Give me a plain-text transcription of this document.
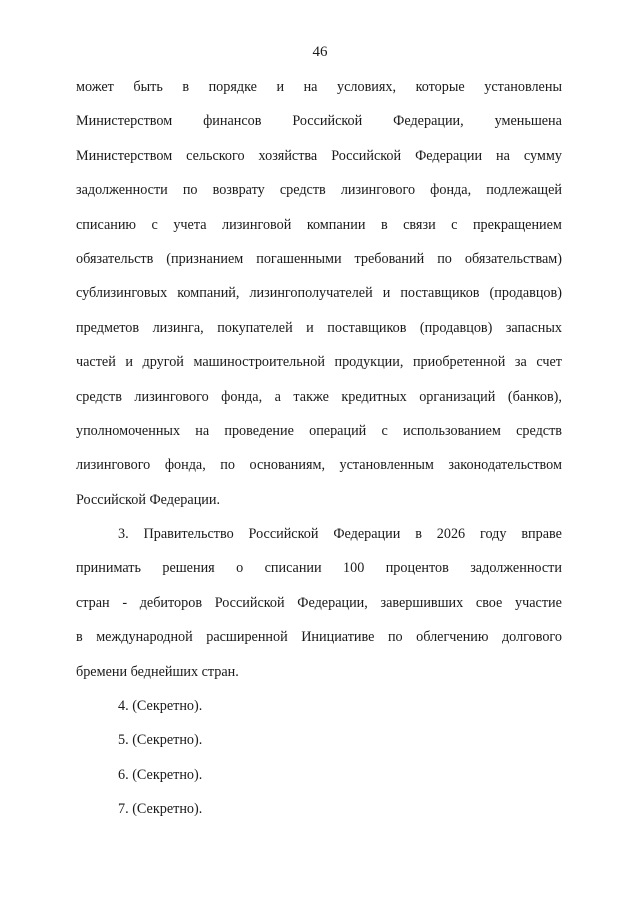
46
может быть в порядке и на условиях, которые установлены
Министерством финансов Российской Федерации, уменьшена
Министерством сельского хозяйства Российской Федерации на сумму
задолженности по возврату средств лизингового фонда, подлежащей
списанию с учета лизинговой компании в связи с прекращением
обязательств (признанием погашенными требований по обязательствам)
сублизинговых компаний, лизингополучателей и поставщиков (продавцов)
предметов лизинга, покупателей и поставщиков (продавцов) запасных
частей и другой машиностроительной продукции, приобретенной за счет
средств лизингового фонда, а также кредитных организаций (банков),
уполномоченных на проведение операций с использованием средств
лизингового фонда, по основаниям, установленным законодательством
Российской Федерации.
3. Правительство Российской Федерации в 2026 году вправе
принимать решения о списании 100 процентов задолженности
стран - дебиторов Российской Федерации, завершивших свое участие
в международной расширенной Инициативе по облегчению долгового
бремени беднейших стран.
4. (Секретно).
5. (Секретно).
6. (Секретно).
7. (Секретно).
